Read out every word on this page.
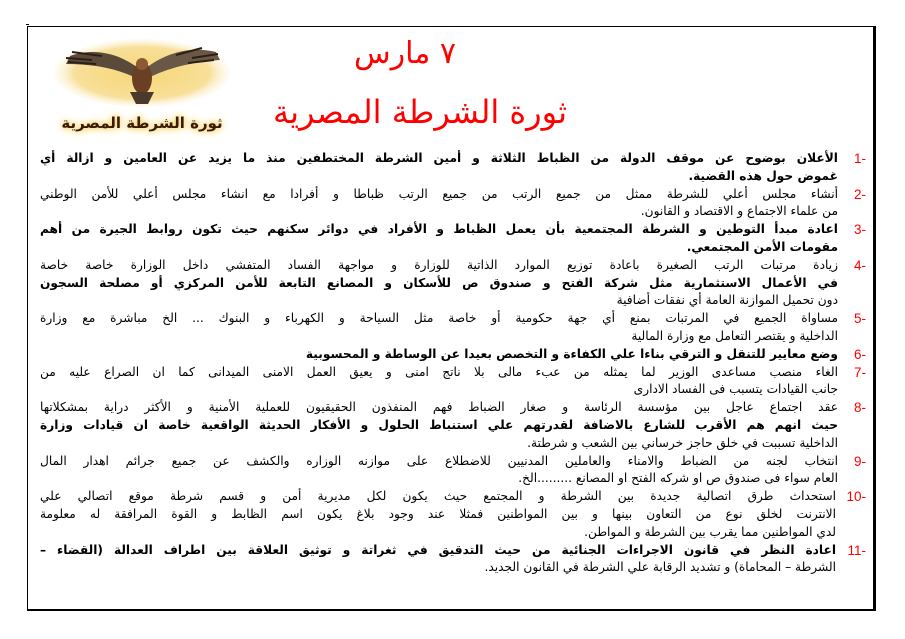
ثورة الشرطة المصرية
٧ مارس
ثورة الشرطة المصرية
1-
الأعلان بوضوح عن موقف الدولة من الظباط الثلاثة و أمين الشرطة المختطفين منذ ما يزيد عن العامين و ازالة أي
غموض حول هذه القضية.
2-
أنشاء مجلس أعلي للشرطة ممثل من جميع الرتب من جميع الرتب ظباطا و أفرادا مع انشاء مجلس أعلي للأمن الوطني
من علماء الاجتماع و الاقتصاد و القانون.
3-
اعادة مبدأ التوطين و الشرطة المجتمعية بأن يعمل الظباط و الأفراد في دوائر سكنهم حيث تكون روابط الجيرة من أهم
مقومات الأمن المجتمعي.
4-
زيادة مرتبات الرتب الصغيرة باعادة توزيع الموارد الذاتية للوزارة و مواجهة الفساد المتفشي داخل الوزارة خاصة خاصة
في الأعمال الاستثمارية مثل شركة الفتح و صندوق ص للأسكان و المصانع التابعة للأمن المركزي أو مصلحة السجون
دون تحميل الموازنة العامة أي نفقات أضافية
5-
مساواة الجميع في المرتبات بمنع أي جهة حكومية أو خاصة مثل السياحة و الكهرباء و البنوك ... الخ مباشرة مع وزارة
الداخلية و يقتصر التعامل مع وزارة المالية
6-
وضع معايير للتنقل و الترقي بناءا علي الكفاءة و التخصص بعيدا عن الوساطة و المحسوبية
7-
الغاء منصب مساعدى الوزير لما يمثله من عبء مالى بلا ناتج امنى و يعيق العمل الامنى الميدانى كما ان الصراع عليه من
جانب القيادات يتسبب فى الفساد الادارى
8-
عقد اجتماع عاجل بين مؤسسة الرئاسة و صغار الضباط فهم المنفذون الحقيقيون للعملية الأمنية و الأكثر دراية بمشكلاتها
حيث انهم هم الأقرب للشارع بالاضافة لقدرتهم علي استنباط الحلول و الأفكار الحديثة الواقعية خاصة ان قيادات وزارة
الداخلية تسببت في خلق حاجز خرساني بين الشعب و شرطتة.
9-
انتخاب لجنه من الضباط والامناء والعاملين المدنيين للاضطلاع على موازنه الوزاره والكشف عن جميع جرائم اهدار المال
العام سواء فى صندوق ص او شركه الفتح او المصانع .........الخ.
10-
استحداث طرق اتصالية جديدة بين الشرطة و المجتمع حيث يكون لكل مديرية أمن و قسم شرطة موقع اتصالي علي
الانترنت لخلق نوع من التعاون بينها و بين المواطنين فمثلا عند وجود بلاغ يكون اسم الظابط و القوة المرافقة له معلومة
لدي المواطنين مما يقرب بين الشرطة و المواطن.
11-
اعادة النظر في قانون الاجراءات الجنائية من حيث التدقيق في ثغراتة و توثيق العلاقة بين اطراف العدالة (القضاء –
الشرطة – المحاماة) و تشديد الرقابة علي الشرطة في القانون الجديد.
